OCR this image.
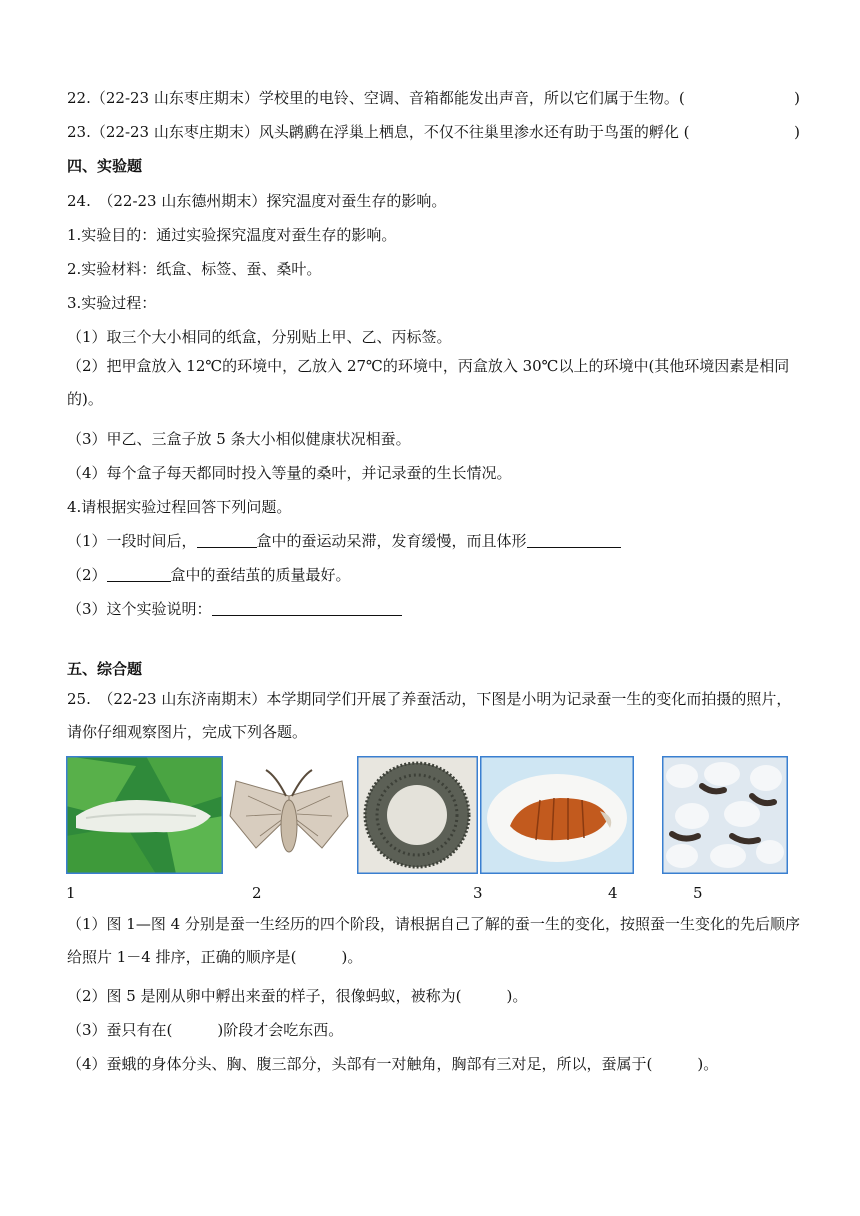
22.（22-23 山东枣庄期末）学校里的电铃、空调、音箱都能发出声音，所以它们属于生物。(	)
23.（22-23 山东枣庄期末）风头䴙䴘在浮巢上栖息，不仅不往巢里渗水还有助于鸟蛋的孵化 (	)
四、实验题
24.　（22-23 山东德州期末）探究温度对蚕生存的影响。
1.实验目的：通过实验探究温度对蚕生存的影响。
2.实验材料：纸盒、标签、蚕、桑叶。
3.实验过程：
（1）取三个大小相同的纸盒，分别贴上甲、乙、丙标签。
（2）把甲盒放入 12℃的环境中，乙放入 27℃的环境中，丙盒放入 30℃以上的环境中(其他环境因素是相同的)。
（3）甲乙、三盒子放 5 条大小相似健康状况相蚕。
（4）每个盒子每天都同时投入等量的桑叶，并记录蚕的生长情况。
4.请根据实验过程回答下列问题。
（1）一段时间后，	盒中的蚕运动呆滞，发育缓慢，而且体形
（2）	盒中的蚕结茧的质量最好。
（3）这个实验说明：
五、综合题
25.　（22-23 山东济南期末）本学期同学们开展了养蚕活动，下图是小明为记录蚕一生的变化而拍摄的照片，请你仔细观察图片，完成下列各题。
1	2	3	4	5
（1）图 1—图 4 分别是蚕一生经历的四个阶段，请根据自己了解的蚕一生的变化，按照蚕一生变化的先后顺序给照片 1－4 排序，正确的顺序是(　　　)。
（2）图 5 是刚从卵中孵出来蚕的样子，很像蚂蚁，被称为(　　　)。
（3）蚕只有在(　　　)阶段才会吃东西。
（4）蚕蛾的身体分头、胸、腹三部分，头部有一对触角，胸部有三对足，所以，蚕属于(　　　)。
